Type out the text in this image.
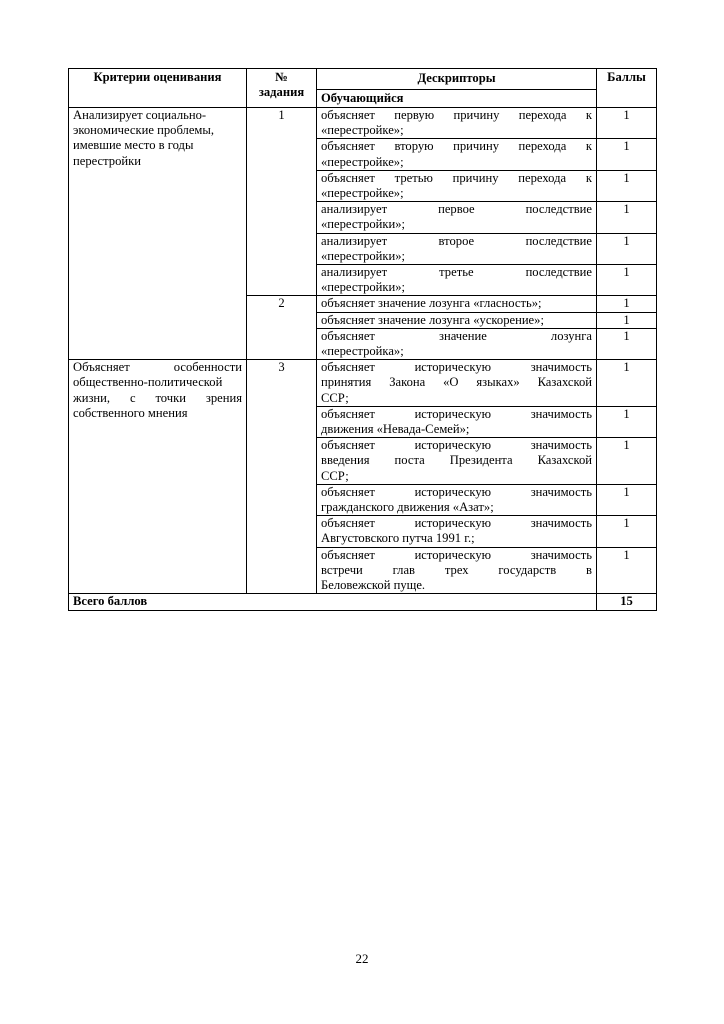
Критерии оценивания	№ задания	Дескрипторы	Баллы
		Обучающийся	
Анализирует социально-экономические проблемы, имевшие место в годы перестройки	1	объясняет первую причину перехода к
«перестройке»;	1

		объясняет вторую причину перехода к
«перестройке»;	1

		объясняет третью причину перехода к
«перестройке»;	1

		анализирует первое последствие
«перестройки»;	1

		анализирует второе последствие
«перестройки»;	1

		анализирует третье последствие
«перестройки»;	1
	2	объясняет значение лозунга «гласность»;	1

		объясняет значение лозунга «ускорение»;	1

		объясняет значение лозунга
«перестройка»;	1
Объясняет особенности общественно-политической жизни, с точки зрения собственного мнения	3	объясняет историческую значимость
принятия Закона «О языках» Казахской
ССР;	1

		объясняет историческую значимость
движения «Невада-Семей»;	1

		объясняет историческую значимость
введения поста Президента Казахской
ССР;	1

		объясняет историческую значимость
гражданского движения «Азат»;	1

		объясняет историческую значимость
Августовского путча 1991 г.;	1

		объясняет историческую значимость
встречи глав трех государств в
Беловежской пуще.	1
Всего баллов			15
22
